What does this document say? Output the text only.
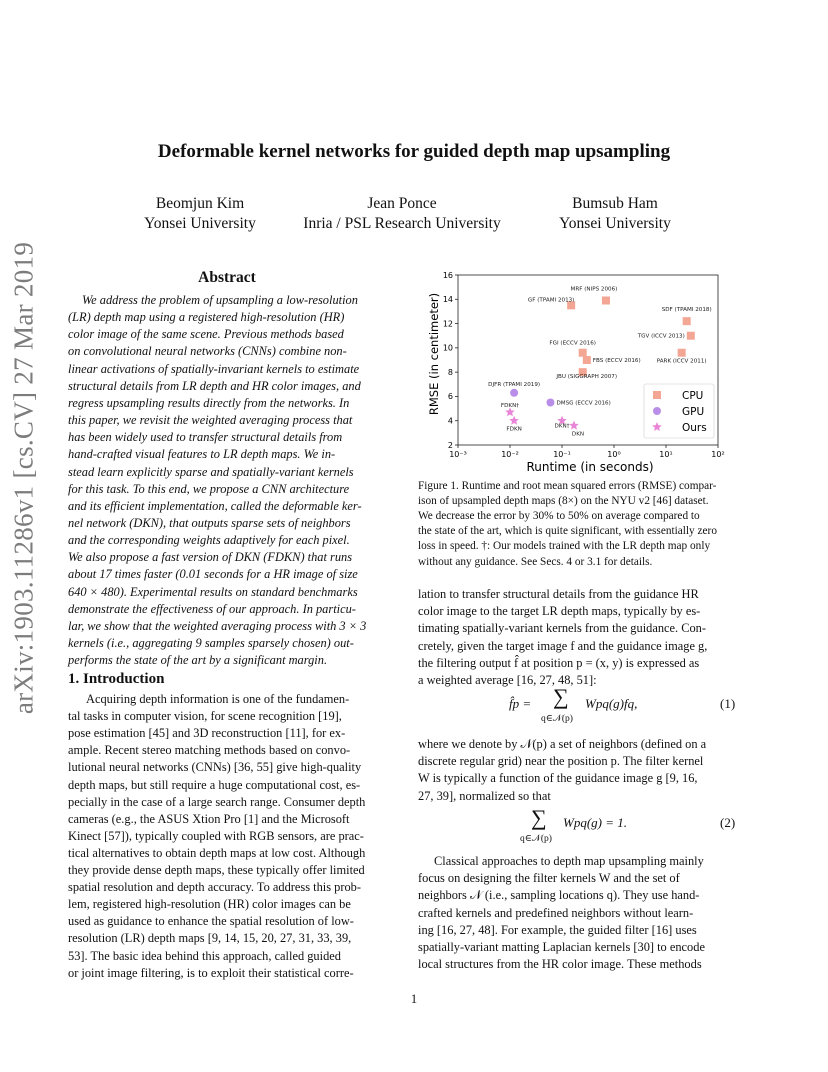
Deformable kernel networks for guided depth map upsampling
Beomjun Kim
Yonsei University
Jean Ponce
Inria / PSL Research University
Bumsub Ham
Yonsei University
arXiv:1903.11286v1 [cs.CV] 27 Mar 2019	Abstract
We address the problem of upsampling a low-resolution
(LR) depth map using a registered high-resolution (HR)
color image of the same scene. Previous methods based
on convolutional neural networks (CNNs) combine non-
linear activations of spatially-invariant kernels to estimate
structural details from LR depth and HR color images, and
regress upsampling results directly from the networks. In
this paper, we revisit the weighted averaging process that
has been widely used to transfer structural details from
hand-crafted visual features to LR depth maps. We in-
stead learn explicitly sparse and spatially-variant kernels
for this task. To this end, we propose a CNN architecture
and its efficient implementation, called the deformable ker-
nel network (DKN), that outputs sparse sets of neighbors
and the corresponding weights adaptively for each pixel.
We also propose a fast version of DKN (FDKN) that runs
about 17 times faster (0.01 seconds for a HR image of size
640 × 480). Experimental results on standard benchmarks
demonstrate the effectiveness of our approach. In particu-
lar, we show that the weighted averaging process with 3 × 3
kernels (i.e., aggregating 9 samples sparsely chosen) out-
performs the state of the art by a significant margin.
1. Introduction
Acquiring depth information is one of the fundamen-
tal tasks in computer vision, for scene recognition [19],
pose estimation [45] and 3D reconstruction [11], for ex-
ample. Recent stereo matching methods based on convo-
lutional neural networks (CNNs) [36, 55] give high-quality
depth maps, but still require a huge computational cost, es-
pecially in the case of a large search range. Consumer depth
cameras (e.g., the ASUS Xtion Pro [1] and the Microsoft
Kinect [57]), typically coupled with RGB sensors, are prac-
tical alternatives to obtain depth maps at low cost. Although
they provide dense depth maps, these typically offer limited
spatial resolution and depth accuracy. To address this prob-
lem, registered high-resolution (HR) color images can be
used as guidance to enhance the spatial resolution of low-
resolution (LR) depth maps [9, 14, 15, 20, 27, 31, 33, 39,
53]. The basic idea behind this approach, called guided
or joint image filtering, is to exploit their statistical corre-
10⁻³	10⁻²	10⁻¹	10⁰	10¹	10²
2
4
6
8
10
12
14
16
MRF (NIPS 2006)
GF (TPAMI 2013)
SDF (TPAMI 2018)
TGV (ICCV 2013)
FGI (ECCV 2016)
FBS (ECCV 2016)	PARK (ICCV 2011)
JBU (SIGGRAPH 2007)
DJFR (TPAMI 2019)
DMSG (ECCV 2016)
FDKN†
FDKN	DKN†
DKN
CPU
GPU
Ours
Runtime (in seconds)
RMSE (in centimeter)
Figure 1. Runtime and root mean squared errors (RMSE) compar-
ison of upsampled depth maps (8×) on the NYU v2 [46] dataset.
We decrease the error by 30% to 50% on average compared to
the state of the art, which is quite significant, with essentially zero
loss in speed. †: Our models trained with the LR depth map only
without any guidance. See Secs. 4 or 3.1 for details.
lation to transfer structural details from the guidance HR
color image to the target LR depth maps, typically by es-
timating spatially-variant kernels from the guidance. Con-
cretely, given the target image f and the guidance image g,
the filtering output f̂ at position p = (x, y) is expressed as
a weighted average [16, 27, 48, 51]:
f̂p = ∑
q∈𝒩(p)
Wpq(g)fq,	(1)
where we denote by 𝒩(p) a set of neighbors (defined on a
discrete regular grid) near the position p. The filter kernel
W is typically a function of the guidance image g [9, 16,
27, 39], normalized so that
∑
q∈𝒩(p)
Wpq(g) = 1.	(2)
Classical approaches to depth map upsampling mainly
focus on designing the filter kernels W and the set of
neighbors 𝒩 (i.e., sampling locations q). They use hand-
crafted kernels and predefined neighbors without learn-
ing [16, 27, 48]. For example, the guided filter [16] uses
spatially-variant matting Laplacian kernels [30] to encode
local structures from the HR color image. These methods
1
